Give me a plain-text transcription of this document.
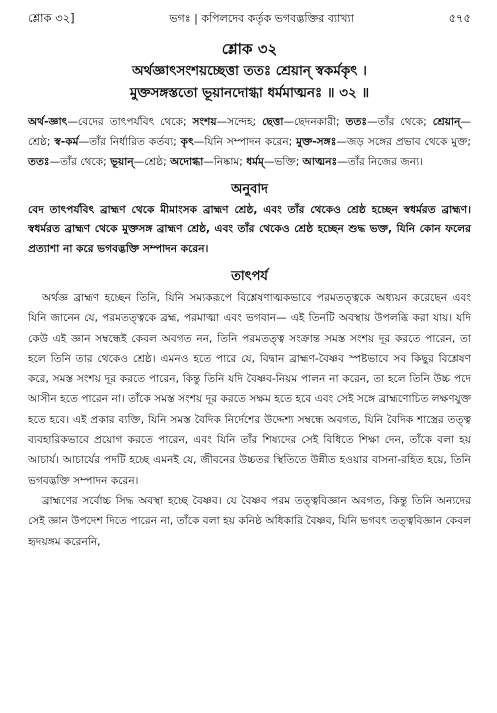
শ্লোক ৩২]	ভগঃ | কপিলদেব কর্তৃক ভগবদ্ভক্তির ব্যাখ্যা	৫৭৫
শ্লোক ৩২
অর্থজ্ঞাৎসংশয়চ্ছেত্তা ততঃ শ্রেয়ান্ স্বকর্মকৃৎ ।
মুক্তসঙ্গস্ততো ভূয়ানদোগ্ধা ধর্মমাত্মনঃ ॥ ৩২ ॥
অর্থ-জ্ঞাৎ—বেদের তাৎপর্যবিৎ থেকে; সংশয়—সন্দেহ; ছেত্তা—ছেদনকারী; ততঃ—তাঁর থেকে; শ্রেয়ান্—শ্রেষ্ঠ; স্ব-কর্ম—তাঁর নির্ধারিত কর্তব্য; কৃৎ—যিনি সম্পাদন করেন; মুক্ত-সঙ্গঃ—জড় সঙ্গের প্রভাব থেকে মুক্ত; ততঃ—তাঁর থেকে; ভূয়ান্—শ্রেষ্ঠ; অদোগ্ধা—নিষ্কাম; ধর্মম্—ভক্তি; আত্মনঃ—তাঁর নিজের জন্য।
অনুবাদ
বেদ তাৎপর্যবিৎ ব্রাহ্মণ থেকে মীমাংসক ব্রাহ্মণ শ্রেষ্ঠ, এবং তাঁর থেকেও শ্রেষ্ঠ হচ্ছেন স্বধর্মরত ব্রাহ্মণ। স্বধর্মরত ব্রাহ্মণ থেকে মুক্তসঙ্গ ব্রাহ্মণ শ্রেষ্ঠ, এবং তাঁর থেকেও শ্রেষ্ঠ হচ্ছেন শুদ্ধ ভক্ত, যিনি কোন ফলের প্রত্যাশা না করে ভগবদ্ভক্তি সম্পাদন করেন।
তাৎপর্য

অর্থজ্ঞ ব্রাহ্মণ হচ্ছেন তিনি, যিনি সম্যকরূপে বিশ্লেষণাত্মকভাবে পরমতত্ত্বকে অধ্যয়ন করেছেন এবং যিনি জানেন যে, পরমতত্ত্বকে ব্রহ্ম, পরমাত্মা এবং ভগবান— এই তিনটি অবস্থায় উপলব্ধি করা যায়। যদি কেউ এই জ্ঞান সম্বন্ধেই কেবল অবগত নন, তিনি পরমতত্ত্ব সংক্রান্ত সমস্ত সংশয় দূর করতে পারেন, তা হলে তিনি তার থেকেও শ্রেষ্ঠ। এমনও হতে পারে যে, বিদ্বান ব্রাহ্মণ-বৈষ্ণব স্পষ্টভাবে সব কিছুর বিশ্লেষণ করে, সমস্ত সংশয় দূর করতে পারেন, কিন্তু তিনি যদি বৈষ্ণব-নিয়ম পালন না করেন, তা হলে তিনি উচ্চ পদে আসীন হতে পারেন না। তাঁকে সমস্ত সংশয় দূর করতে সক্ষম হতে হবে এবং সেই সঙ্গে ব্রাহ্মণোচিত লক্ষণযুক্ত হতে হবে। এই প্রকার ব্যক্তি, যিনি সমস্ত বৈদিক নির্দেশের উদ্দেশ্য সম্বন্ধে অবগত, যিনি বৈদিক শাস্ত্রের তত্ত্ব ব্যবহারিকভাবে প্রয়োগ করতে পারেন, এবং যিনি তাঁর শিষ্যদের সেই বিধিতে শিক্ষা দেন, তাঁকে বলা হয় আচার্য। আচার্যের পদটি হচ্ছে এমনই যে, জীবনের উচ্চতর স্থিতিতে উন্নীত হওয়ার বাসনা-রহিত হয়ে, তিনি ভগবদ্ভক্তি সম্পাদন করেন।

ব্রাহ্মণের সর্বোচ্চ সিদ্ধ অবস্থা হচ্ছে বৈষ্ণব। যে বৈষ্ণব পরম তত্ত্ববিজ্ঞান অবগত, কিন্তু তিনি অন্যদের সেই জ্ঞান উপদেশ দিতে পারেন না, তাঁকে বলা হয় কনিষ্ঠ অধিকারি বৈষ্ণব, যিনি ভগবৎ তত্ত্ববিজ্ঞান কেবল হৃদয়ঙ্গম করেননি,
